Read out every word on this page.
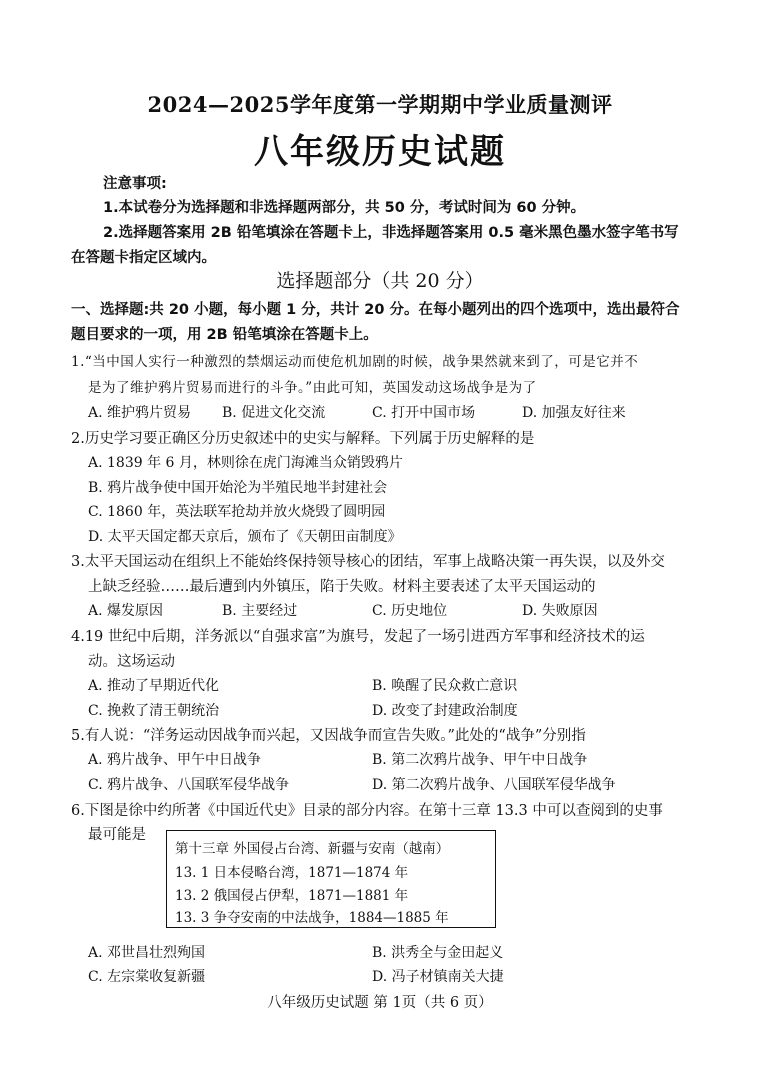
2024—2025学年度第一学期期中学业质量测评
八年级历史试题
注意事项:
1.本试卷分为选择题和非选择题两部分，共 50 分，考试时间为 60 分钟。
2.选择题答案用 2B 铅笔填涂在答题卡上，非选择题答案用 0.5 毫米黑色墨水签字笔书写
在答题卡指定区域内。
选择题部分（共 20 分）
一、选择题:共 20 小题，每小题 1 分，共计 20 分。在每小题列出的四个选项中，选出最符合
题目要求的一项，用 2B 铅笔填涂在答题卡上。
1.“当中国人实行一种激烈的禁烟运动而使危机加剧的时候，战争果然就来到了，可是它并不
是为了维护鸦片贸易而进行的斗争。”由此可知，英国发动这场战争是为了
A. 维护鸦片贸易 B. 促进文化交流	C. 打开中国市场	D. 加强友好往来
2.历史学习要正确区分历史叙述中的史实与解释。下列属于历史解释的是
A. 1839 年 6 月，林则徐在虎门海滩当众销毁鸦片
B. 鸦片战争使中国开始沦为半殖民地半封建社会
C. 1860 年，英法联军抢劫并放火烧毁了圆明园
D. 太平天国定都天京后，颁布了《天朝田亩制度》
3.太平天国运动在组织上不能始终保持领导核心的团结，军事上战略决策一再失误，以及外交
上缺乏经验……最后遭到内外镇压，陷于失败。材料主要表述了太平天国运动的
A. 爆发原因	B. 主要经过	C. 历史地位	D. 失败原因
4.19 世纪中后期，洋务派以“自强求富”为旗号，发起了一场引进西方军事和经济技术的运
动。这场运动
A. 推动了早期近代化	B. 唤醒了民众救亡意识
C. 挽救了清王朝统治	D. 改变了封建政治制度
5.有人说：“洋务运动因战争而兴起，又因战争而宣告失败。”此处的“战争”分别指
A. 鸦片战争、甲午中日战争	B. 第二次鸦片战争、甲午中日战争
C. 鸦片战争、八国联军侵华战争	D. 第二次鸦片战争、八国联军侵华战争
6.下图是徐中约所著《中国近代史》目录的部分内容。在第十三章 13.3 中可以查阅到的史事
最可能是
第十三章 外国侵占台湾、新疆与安南（越南）
13. 1 日本侵略台湾，1871—1874 年
13. 2 俄国侵占伊犁，1871—1881 年
13. 3 争夺安南的中法战争，1884—1885 年
A. 邓世昌壮烈殉国	B. 洪秀全与金田起义
C. 左宗棠收复新疆	D. 冯子材镇南关大捷
八年级历史试题 第 1页（共 6 页）
